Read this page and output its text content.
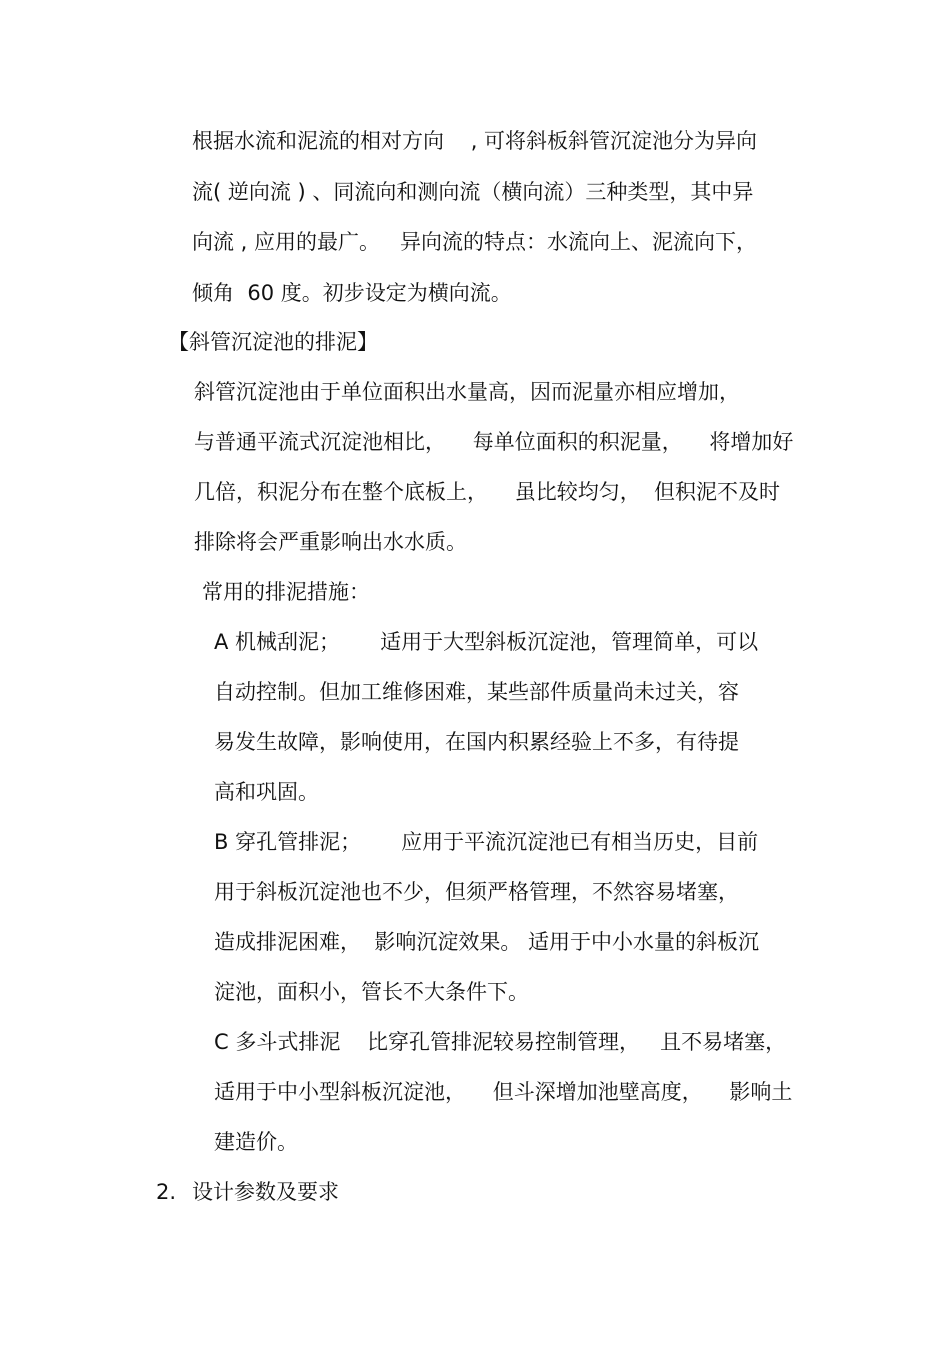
根据水流和泥流的相对方向    , 可将斜板斜管沉淀池分为异向

流( 逆向流 ) 、同流向和测向流（横向流）三种类型，其中异

向流 , 应用的最广。   异向流的特点：水流向上、泥流向下，

倾角  60 度。初步设定为横向流。

【斜管沉淀池的排泥】

斜管沉淀池由于单位面积出水量高，因而泥量亦相应增加，

与普通平流式沉淀池相比，    每单位面积的积泥量，    将增加好

几倍，积泥分布在整个底板上，    虽比较均匀，  但积泥不及时

排除将会严重影响出水水质。

常用的排泥措施：

A 机械刮泥；      适用于大型斜板沉淀池，管理简单，可以

自动控制。但加工维修困难，某些部件质量尚未过关，容

易发生故障，影响使用，在国内积累经验上不多，有待提

高和巩固。

B 穿孔管排泥；      应用于平流沉淀池已有相当历史，目前

用于斜板沉淀池也不少，但须严格管理，不然容易堵塞，

造成排泥困难，  影响沉淀效果。 适用于中小水量的斜板沉

淀池，面积小，管长不大条件下。

C 多斗式排泥    比穿孔管排泥较易控制管理，   且不易堵塞，

适用于中小型斜板沉淀池，    但斗深增加池壁高度，    影响土

建造价。

2. 设计参数及要求
